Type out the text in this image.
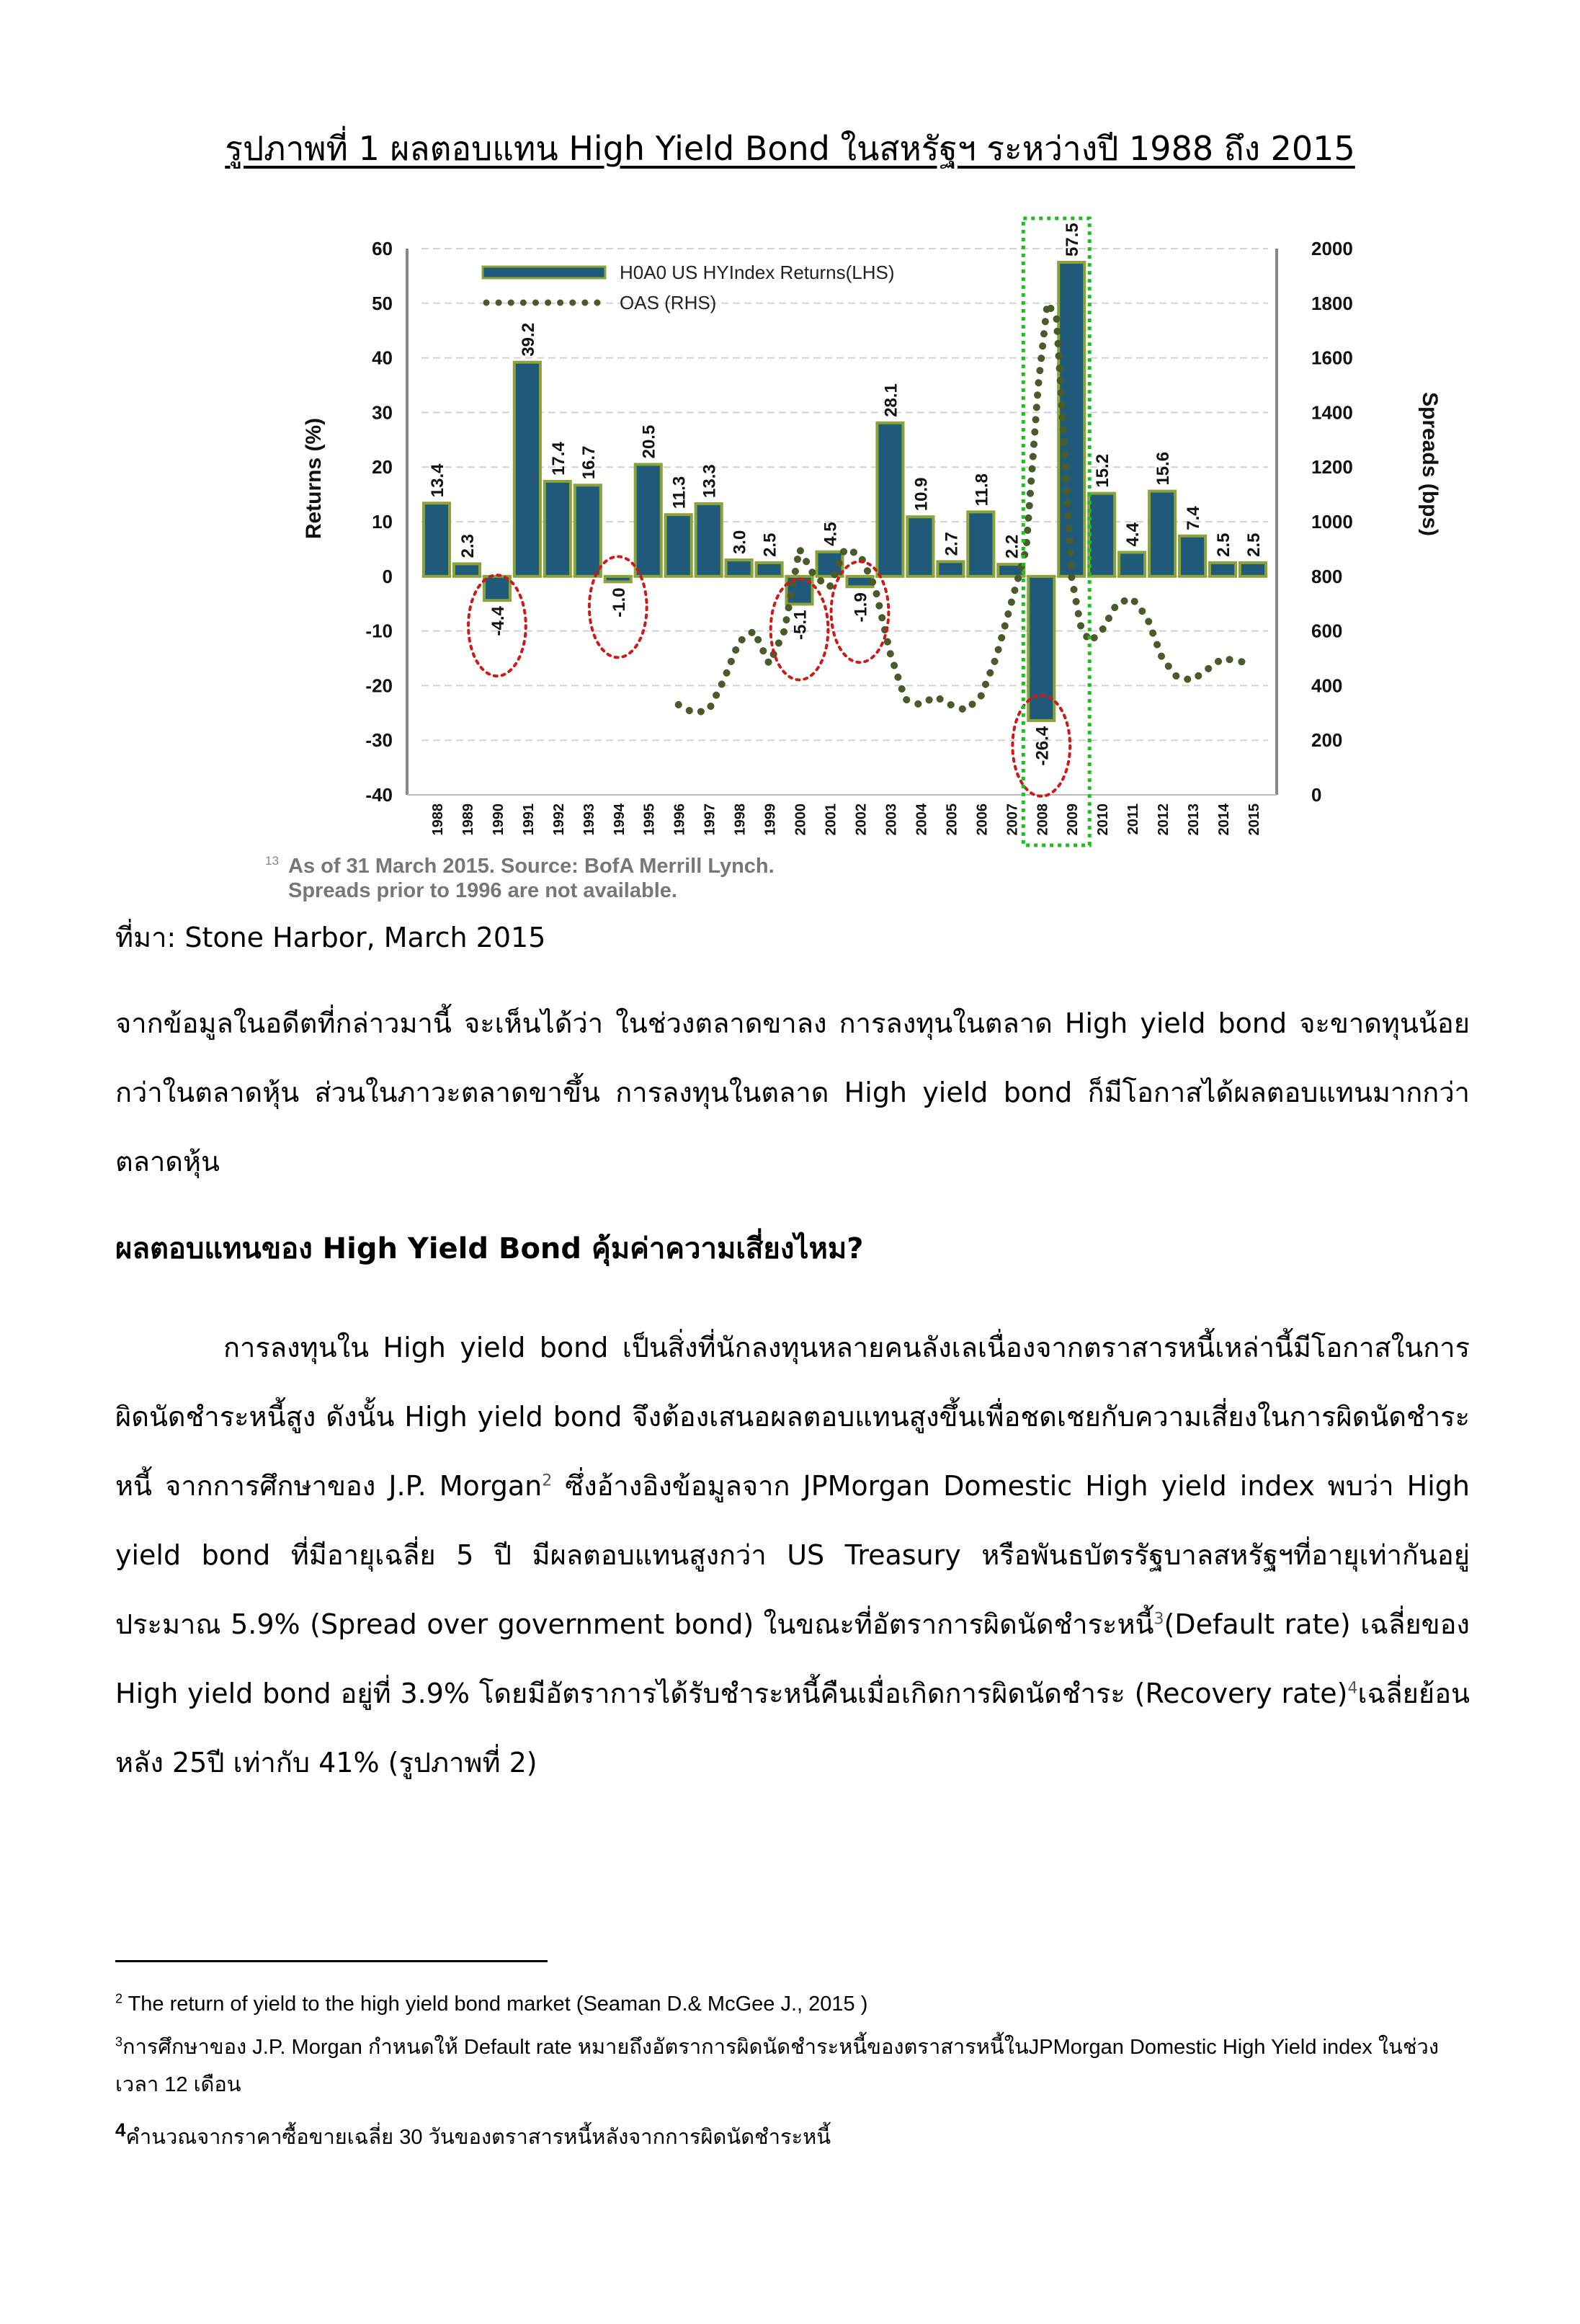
รูปภาพที่ 1 ผลตอบแทน High Yield Bond ในสหรัฐฯ ระหว่างปี 1988 ถึง 2015
60
50
40
30
20
10
0
-10
-20
-30
-40
2000
1800
1600
1400
1200
1000
800
600
400
200
0
Returns (%)	Spreads (bps)
13.4
2.3
-4.4
39.2
17.4 16.7
-1.0
20.5
11.3 13.3
3.0 2.5
-5.1
4.5
-1.9
28.1
10.9
2.7
11.8
2.2
-26.4
57.5
15.2
4.4
15.6
7.4
2.5 2.5
1988 1989 1990 1991 1992 1993 1994 1995 1996 1997 1998 1999 2000 2001 2002 2003 2004 2005 2006 2007 2008 2009 2010 2011 2012 2013 2014 2015
13 As of 31 March 2015. Source: BofA Merrill Lynch.
Spreads prior to 1996 are not available.
H0A0 US HYIndex Returns(LHS)
OAS (RHS)
ที่มา: Stone Harbor, March 2015

จากข้อมูลในอดีตที่กล่าวมานี้ จะเห็นได้ว่า ในช่วงตลาดขาลง การลงทุนในตลาด High yield bond จะขาดทุนน้อยกว่าในตลาดหุ้น ส่วนในภาวะตลาดขาขึ้น การลงทุนในตลาด High yield bond ก็มีโอกาสได้ผลตอบแทนมากกว่าตลาดหุ้น

ผลตอบแทนของ High Yield Bond คุ้มค่าความเสี่ยงไหม?

การลงทุนใน High yield bond เป็นสิ่งที่นักลงทุนหลายคนลังเลเนื่องจากตราสารหนี้เหล่านี้มีโอกาสในการผิดนัดชำระหนี้สูง ดังนั้น High yield bond จึงต้องเสนอผลตอบแทนสูงขึ้นเพื่อชดเชยกับความเสี่ยงในการผิดนัดชำระหนี้ จากการศึกษาของ J.P. Morgan$^2$ ซึ่งอ้างอิงข้อมูลจาก JPMorgan Domestic High yield index พบว่า High yield bond ที่มีอายุเฉลี่ย 5 ปี มีผลตอบแทนสูงกว่า US Treasury หรือพันธบัตรรัฐบาลสหรัฐฯที่อายุเท่ากันอยู่ประมาณ 5.9% (Spread over government bond) ในขณะที่อัตราการผิดนัดชำระหนี้$^3$(Default rate) เฉลี่ยของ High yield bond อยู่ที่ 3.9% โดยมีอัตราการได้รับชำระหนี้คืนเมื่อเกิดการผิดนัดชำระ (Recovery rate)$^4$เฉลี่ยย้อนหลัง 25ปี เท่ากับ 41% (รูปภาพที่ 2)

$^2$ The return of yield to the high yield bond market (Seaman D.& McGee J., 2015 )
$^3$การศึกษาของ J.P. Morgan กำหนดให้ Default rate หมายถึงอัตราการผิดนัดชำระหนี้ของตราสารหนี้ในJPMorgan Domestic High Yield index ในช่วงเวลา 12 เดือน
$^4$คำนวณจากราคาซื้อขายเฉลี่ย 30 วันของตราสารหนี้หลังจากการผิดนัดชำระหนี้
